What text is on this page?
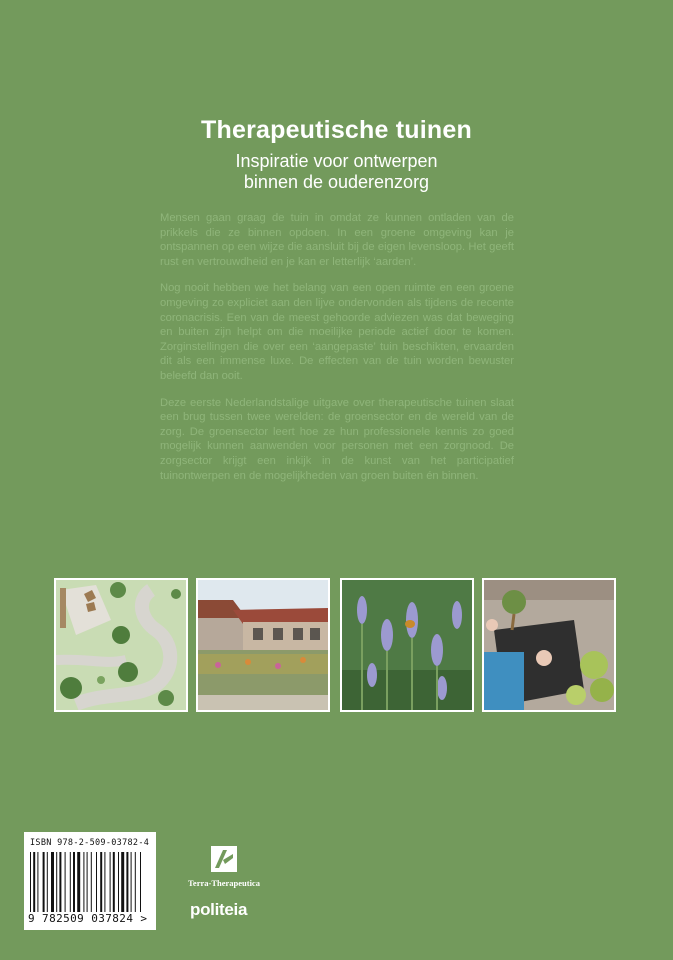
Therapeutische tuinen
Inspiratie voor ontwerpen
binnen de ouderenzorg

Mensen gaan graag de tuin in omdat ze kunnen ontladen van de prikkels die ze binnen opdoen. In een groene omgeving kan je ontspannen op een wijze die aansluit bij de eigen levensloop. Het geeft rust en vertrouwdheid en je kan er letterlijk ‘aarden’.

Nog nooit hebben we het belang van een open ruimte en een groene omgeving zo expliciet aan den lijve ondervonden als tijdens de recente coronacrisis. Een van de meest gehoorde adviezen was dat beweging en buiten zijn helpt om die moeilijke periode actief door te komen. Zorginstellingen die over een ‘aangepaste’ tuin beschikten, ervaarden dit als een immense luxe. De effecten van de tuin worden bewuster beleefd dan ooit.

Deze eerste Nederlandstalige uitgave over therapeutische tuinen slaat een brug tussen twee werelden: de groensector en de wereld van de zorg. De groensector leert hoe ze hun professionele kennis zo goed mogelijk kunnen aanwenden voor personen met een zorgnood. De zorgsector krijgt een inkijk in de kunst van het participatief tuinontwerpen en de mogelijkheden van groen buiten én binnen.

ISBN 978-2-509-03782-4
9 782509 037824 >
Terra-Therapeutica
politeia
